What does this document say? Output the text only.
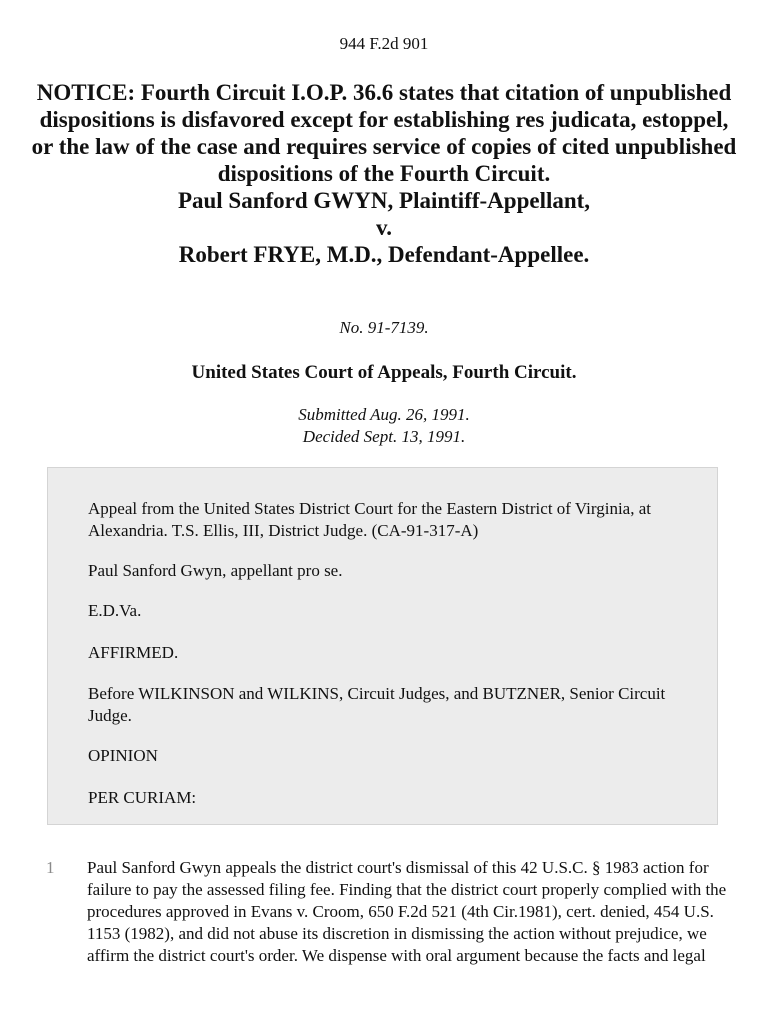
944 F.2d 901
NOTICE: Fourth Circuit I.O.P. 36.6 states that citation of unpublished dispositions is disfavored except for establishing res judicata, estoppel, or the law of the case and requires service of copies of cited unpublished dispositions of the Fourth Circuit.
Paul Sanford GWYN, Plaintiff-Appellant,
v.
Robert FRYE, M.D., Defendant-Appellee.
No. 91-7139.
United States Court of Appeals, Fourth Circuit.
Submitted Aug. 26, 1991.
Decided Sept. 13, 1991.

Appeal from the United States District Court for the Eastern District of Virginia, at Alexandria. T.S. Ellis, III, District Judge. (CA-91-317-A)

Paul Sanford Gwyn, appellant pro se.

E.D.Va.

AFFIRMED.

Before WILKINSON and WILKINS, Circuit Judges, and BUTZNER, Senior Circuit Judge.

OPINION

PER CURIAM:

1 Paul Sanford Gwyn appeals the district court's dismissal of this 42 U.S.C. § 1983 action for failure to pay the assessed filing fee. Finding that the district court properly complied with the procedures approved in Evans v. Croom, 650 F.2d 521 (4th Cir.1981), cert. denied, 454 U.S. 1153 (1982), and did not abuse its discretion in dismissing the action without prejudice, we affirm the district court's order. We dispense with oral argument because the facts and legal
